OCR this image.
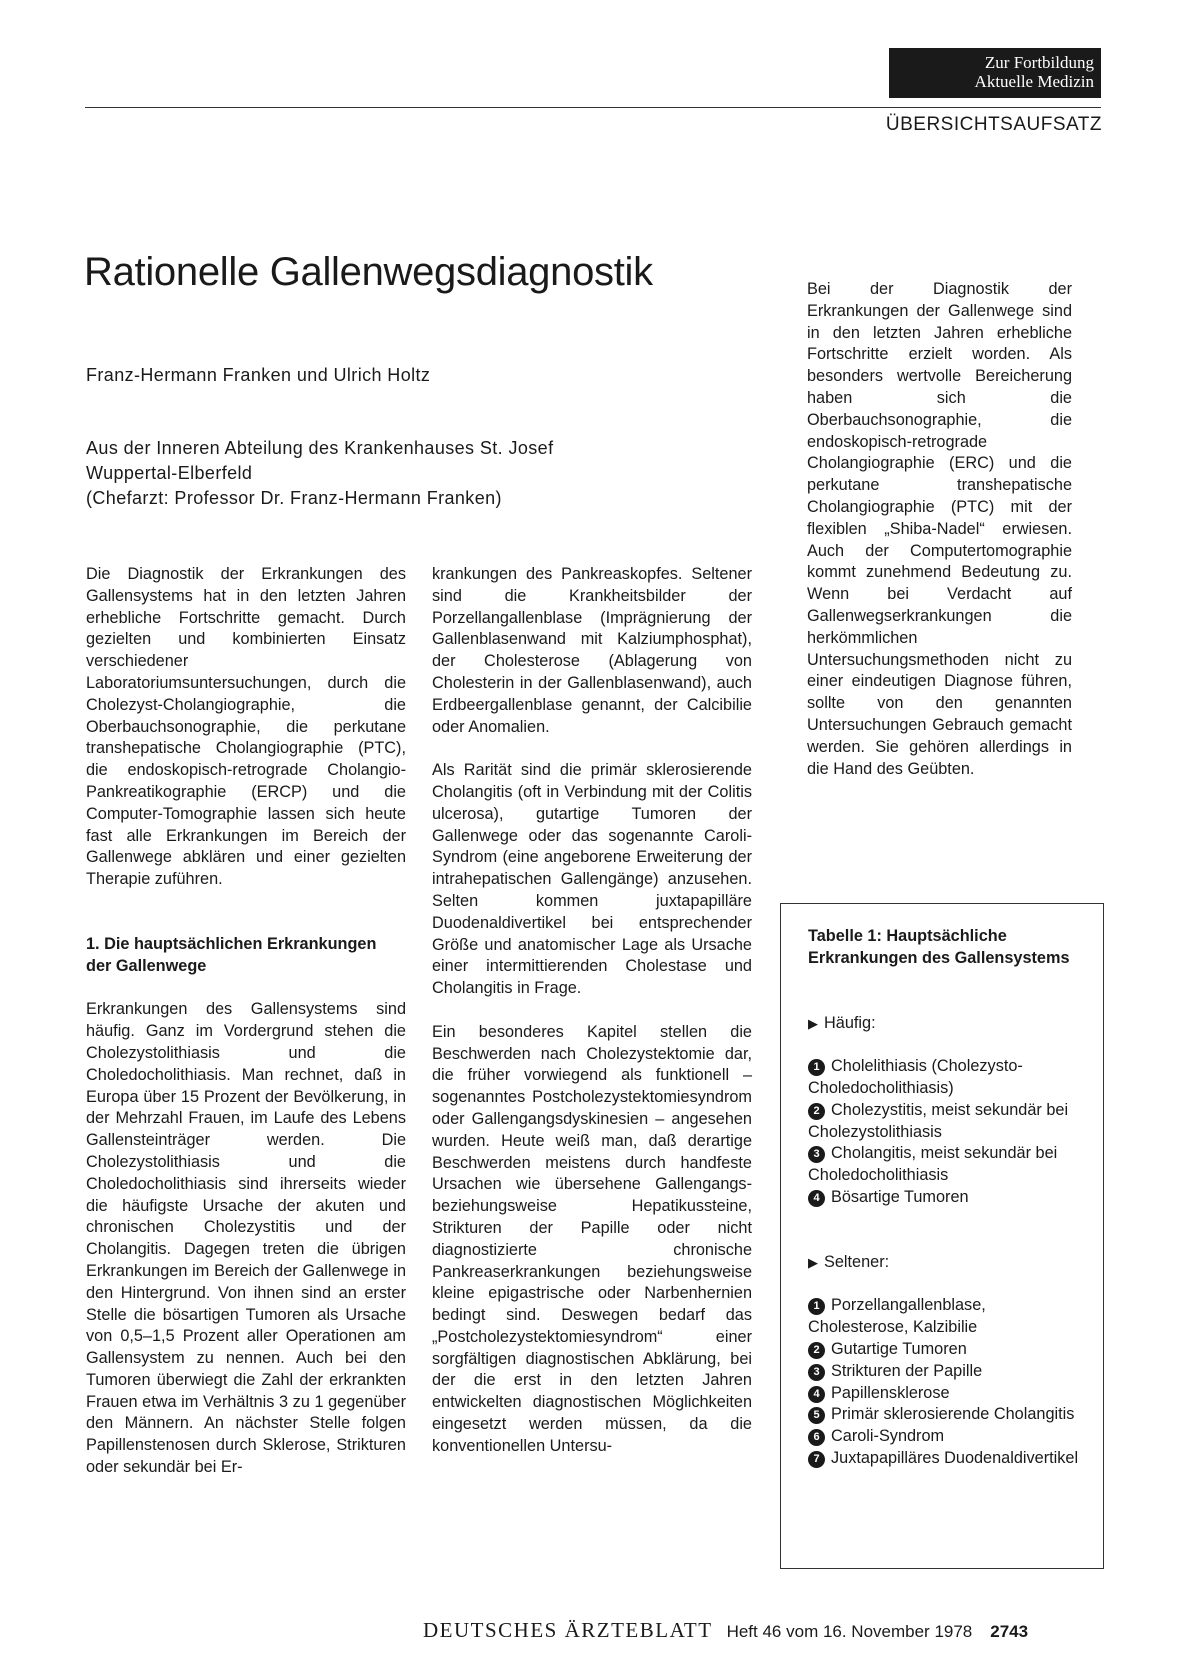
Zur Fortbildung
Aktuelle Medizin
ÜBERSICHTSAUFSATZ
Rationelle Gallenwegsdiagnostik
Franz-Hermann Franken und Ulrich Holtz
Aus der Inneren Abteilung des Krankenhauses St. Josef
Wuppertal-Elberfeld
(Chefarzt: Professor Dr. Franz-Hermann Franken)

Die Diagnostik der Erkrankungen des Gallensystems hat in den letzten Jahren erhebliche Fortschritte gemacht. Durch gezielten und kombinierten Einsatz verschiedener Laboratoriumsuntersuchungen, durch die Cholezyst-Cholangiographie, die Oberbauchsonographie, die perkutane transhepatische Cholangiographie (PTC), die endoskopisch-retrograde Cholangio-Pankreatikographie (ERCP) und die Computer-Tomographie lassen sich heute fast alle Erkrankungen im Bereich der Gallenwege abklären und einer gezielten Therapie zuführen.

1. Die hauptsächlichen Erkrankungen der Gallenwege

Erkrankungen des Gallensystems sind häufig. Ganz im Vordergrund stehen die Cholezystolithiasis und die Choledocholithiasis. Man rechnet, daß in Europa über 15 Prozent der Bevölkerung, in der Mehrzahl Frauen, im Laufe des Lebens Gallensteinträger werden. Die Cholezystolithiasis und die Choledocholithiasis sind ihrerseits wieder die häufigste Ursache der akuten und chronischen Cholezystitis und der Cholangitis. Dagegen treten die übrigen Erkrankungen im Bereich der Gallenwege in den Hintergrund. Von ihnen sind an erster Stelle die bösartigen Tumoren als Ursache von 0,5–1,5 Prozent aller Operationen am Gallensystem zu nennen. Auch bei den Tumoren überwiegt die Zahl der erkrankten Frauen etwa im Verhältnis 3 zu 1 gegenüber den Männern. An nächster Stelle folgen Papillenstenosen durch Sklerose, Strikturen oder sekundär bei Er-

krankungen des Pankreaskopfes. Seltener sind die Krankheitsbilder der Porzellangallenblase (Imprägnierung der Gallenblasenwand mit Kalziumphosphat), der Cholesterose (Ablagerung von Cholesterin in der Gallenblasenwand), auch Erdbeergallenblase genannt, der Calcibilie oder Anomalien.

Als Rarität sind die primär sklerosierende Cholangitis (oft in Verbindung mit der Colitis ulcerosa), gutartige Tumoren der Gallenwege oder das sogenannte Caroli-Syndrom (eine angeborene Erweiterung der intrahepatischen Gallengänge) anzusehen. Selten kommen juxtapapilläre Duodenaldivertikel bei entsprechender Größe und anatomischer Lage als Ursache einer intermittierenden Cholestase und Cholangitis in Frage.

Ein besonderes Kapitel stellen die Beschwerden nach Cholezystektomie dar, die früher vorwiegend als funktionell – sogenanntes Postcholezystektomiesyndrom oder Gallengangsdyskinesien – angesehen wurden. Heute weiß man, daß derartige Beschwerden meistens durch handfeste Ursachen wie übersehene Gallengangs- beziehungsweise Hepatikussteine, Strikturen der Papille oder nicht diagnostizierte chronische Pankreaserkrankungen beziehungsweise kleine epigastrische oder Narbenhernien bedingt sind. Deswegen bedarf das „Postcholezystektomiesyndrom“ einer sorgfältigen diagnostischen Abklärung, bei der die erst in den letzten Jahren entwickelten diagnostischen Möglichkeiten eingesetzt werden müssen, da die konventionellen Untersu-

Bei der Diagnostik der Erkrankungen der Gallenwege sind in den letzten Jahren erhebliche Fortschritte erzielt worden. Als besonders wertvolle Bereicherung haben sich die Oberbauchsonographie, die endoskopisch-retrograde Cholangiographie (ERC) und die perkutane transhepatische Cholangiographie (PTC) mit der flexiblen „Shiba-Nadel“ erwiesen. Auch der Computertomographie kommt zunehmend Bedeutung zu. Wenn bei Verdacht auf Gallenwegserkrankungen die herkömmlichen Untersuchungsmethoden nicht zu einer eindeutigen Diagnose führen, sollte von den genannten Untersuchungen Gebrauch gemacht werden. Sie gehören allerdings in die Hand des Geübten.

Tabelle 1: Hauptsächliche Erkrankungen des Gallensystems
▶ Häufig:
1 Cholelithiasis (Cholezysto-Choledocholithiasis)
2 Cholezystitis, meist sekundär bei Cholezystolithiasis
3 Cholangitis, meist sekundär bei Choledocholithiasis
4 Bösartige Tumoren
▶ Seltener:
1 Porzellangallenblase, Cholesterose, Kalzibilie
2 Gutartige Tumoren
3 Strikturen der Papille
4 Papillensklerose
5 Primär sklerosierende Cholangitis
6 Caroli-Syndrom
7 Juxtapapilläres Duodenaldivertikel
DEUTSCHES ÄRZTEBLATT Heft 46 vom 16. November 1978 2743
